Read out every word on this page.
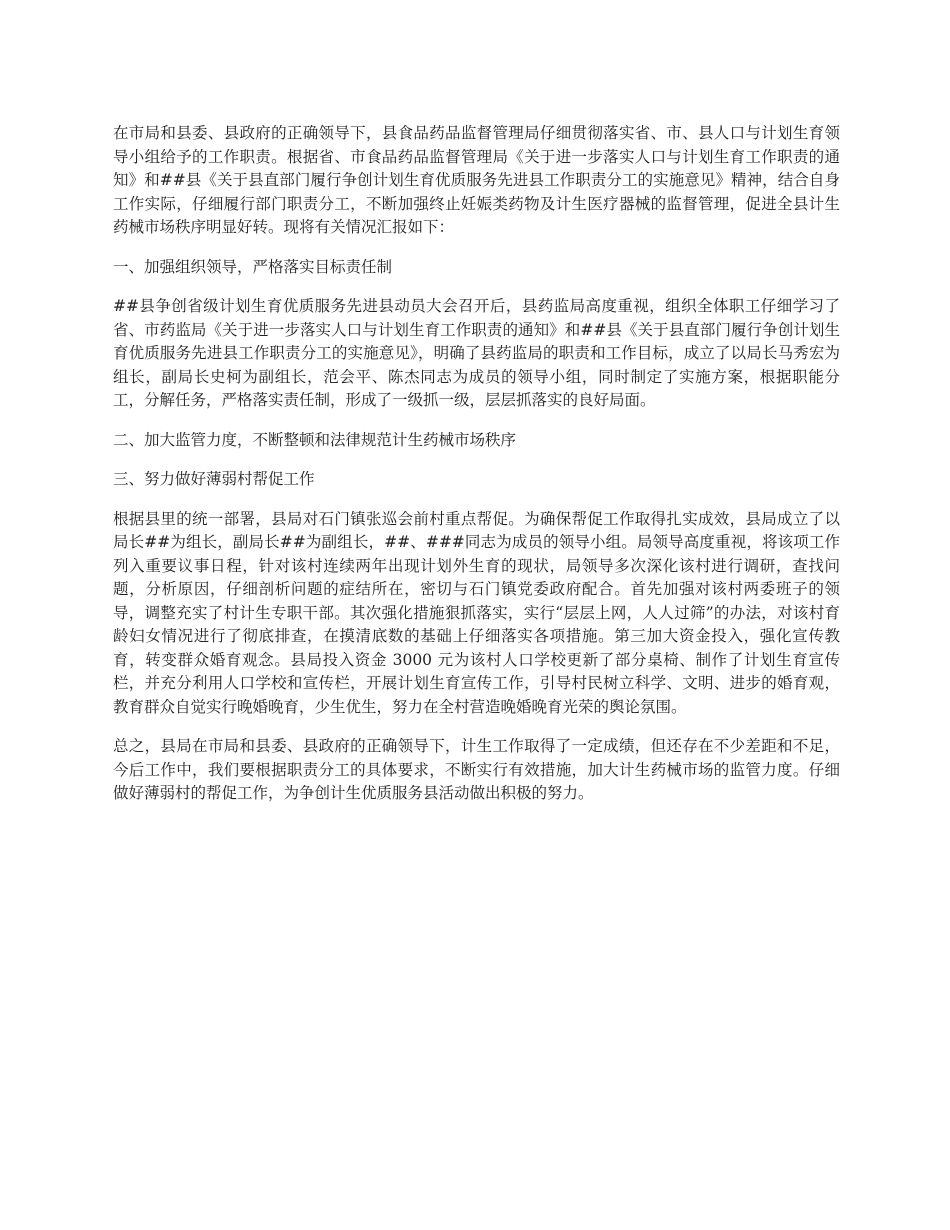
在市局和县委、县政府的正确领导下，县食品药品监督管理局仔细贯彻落实省、市、县人口与计划生育领导小组给予的工作职责。根据省、市食品药品监督管理局《关于进一步落实人口与计划生育工作职责的通知》和##县《关于县直部门履行争创计划生育优质服务先进县工作职责分工的实施意见》精神，结合自身工作实际，仔细履行部门职责分工，不断加强终止妊娠类药物及计生医疗器械的监督管理，促进全县计生药械市场秩序明显好转。现将有关情况汇报如下：

一、加强组织领导，严格落实目标责任制

##县争创省级计划生育优质服务先进县动员大会召开后，县药监局高度重视，组织全体职工仔细学习了省、市药监局《关于进一步落实人口与计划生育工作职责的通知》和##县《关于县直部门履行争创计划生育优质服务先进县工作职责分工的实施意见》，明确了县药监局的职责和工作目标，成立了以局长马秀宏为组长，副局长史柯为副组长，范会平、陈杰同志为成员的领导小组，同时制定了实施方案，根据职能分工，分解任务，严格落实责任制，形成了一级抓一级，层层抓落实的良好局面。

二、加大监管力度，不断整顿和法律规范计生药械市场秩序

三、努力做好薄弱村帮促工作

根据县里的统一部署，县局对石门镇张巡会前村重点帮促。为确保帮促工作取得扎实成效，县局成立了以局长##为组长，副局长##为副组长，##、###同志为成员的领导小组。局领导高度重视，将该项工作列入重要议事日程，针对该村连续两年出现计划外生育的现状，局领导多次深化该村进行调研，查找问题，分析原因，仔细剖析问题的症结所在，密切与石门镇党委政府配合。首先加强对该村两委班子的领导，调整充实了村计生专职干部。其次强化措施狠抓落实，实行“层层上网，人人过筛”的办法，对该村育龄妇女情况进行了彻底排查，在摸清底数的基础上仔细落实各项措施。第三加大资金投入，强化宣传教育，转变群众婚育观念。县局投入资金 3000 元为该村人口学校更新了部分桌椅、制作了计划生育宣传栏，并充分利用人口学校和宣传栏，开展计划生育宣传工作，引导村民树立科学、文明、进步的婚育观，教育群众自觉实行晚婚晚育，少生优生，努力在全村营造晚婚晚育光荣的舆论氛围。

总之，县局在市局和县委、县政府的正确领导下，计生工作取得了一定成绩，但还存在不少差距和不足，今后工作中，我们要根据职责分工的具体要求，不断实行有效措施，加大计生药械市场的监管力度。仔细做好薄弱村的帮促工作，为争创计生优质服务县活动做出积极的努力。
